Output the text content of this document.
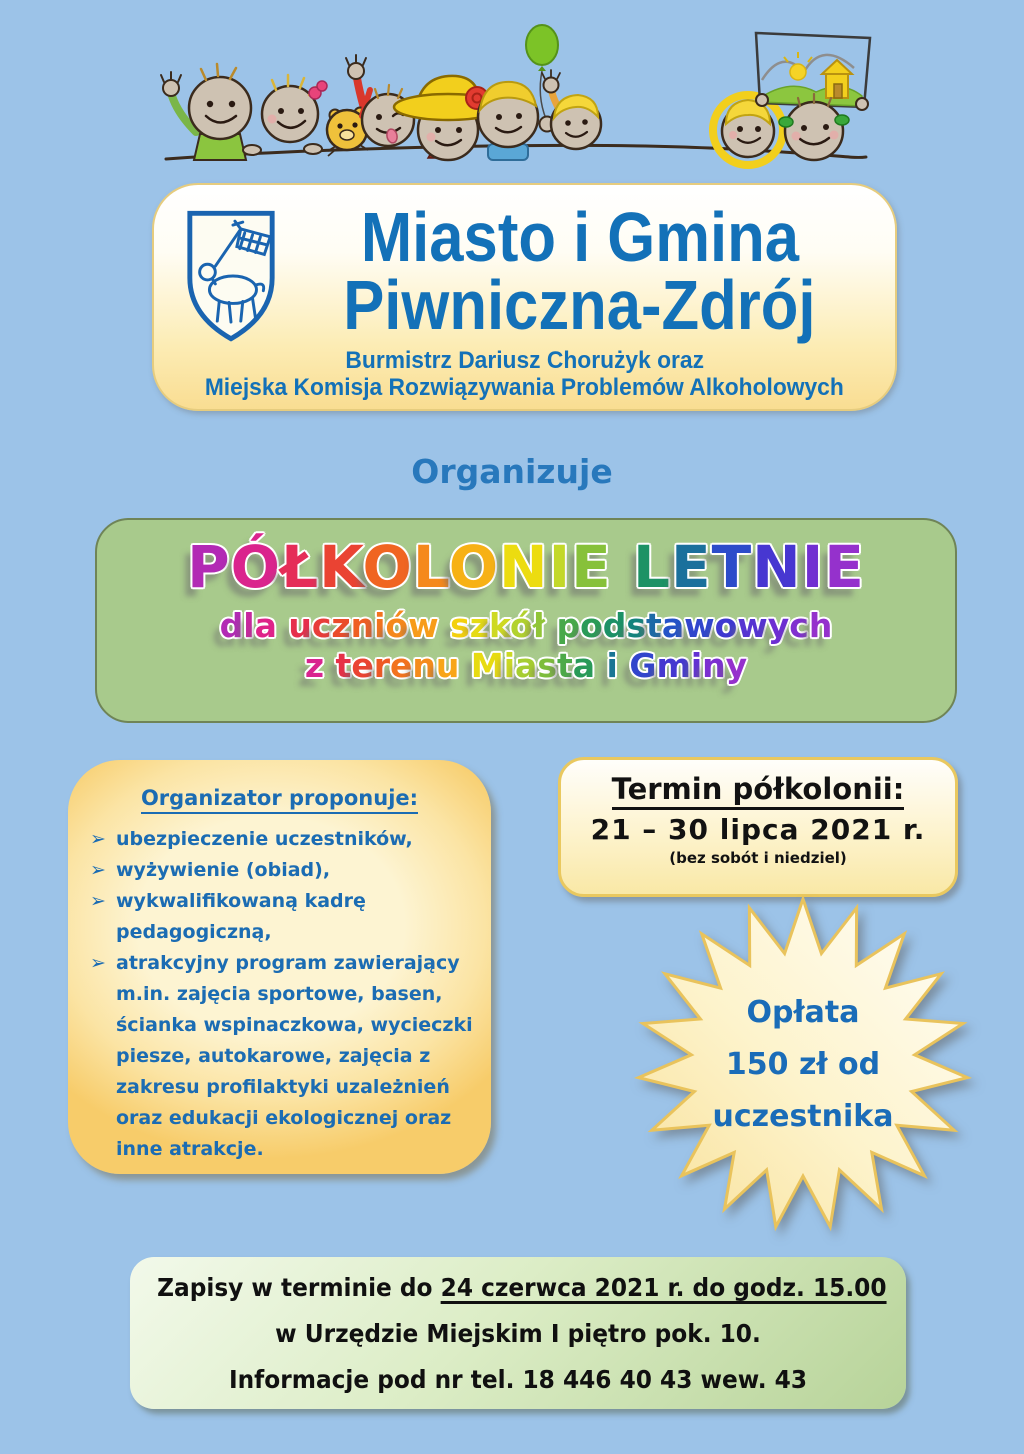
Miasto i Gmina
Piwniczna-Zdrój
Burmistrz Dariusz Chorużyk oraz
Miejska Komisja Rozwiązywania Problemów Alkoholowych
Organizuje
PÓŁKOLONIE LETNIE
dla uczniów szkół podstawowych
z terenu Miasta i Gminy
Organizator proponuje:
➢ ubezpieczenie uczestników,
➢ wyżywienie (obiad),
➢ wykwalifikowaną kadrę pedagogiczną,
➢ atrakcyjny program zawierający m.in. zajęcia sportowe, basen, ścianka wspinaczkowa, wycieczki piesze, autokarowe, zajęcia z zakresu profilaktyki uzależnień oraz edukacji ekologicznej oraz inne atrakcje.
Termin półkolonii:
21 – 30 lipca 2021 r.
(bez sobót i niedziel)
Opłata
150 zł od
uczestnika
Zapisy w terminie do 24 czerwca 2021 r. do godz. 15.00
w Urzędzie Miejskim I piętro pok. 10.
Informacje pod nr tel. 18 446 40 43 wew. 43
